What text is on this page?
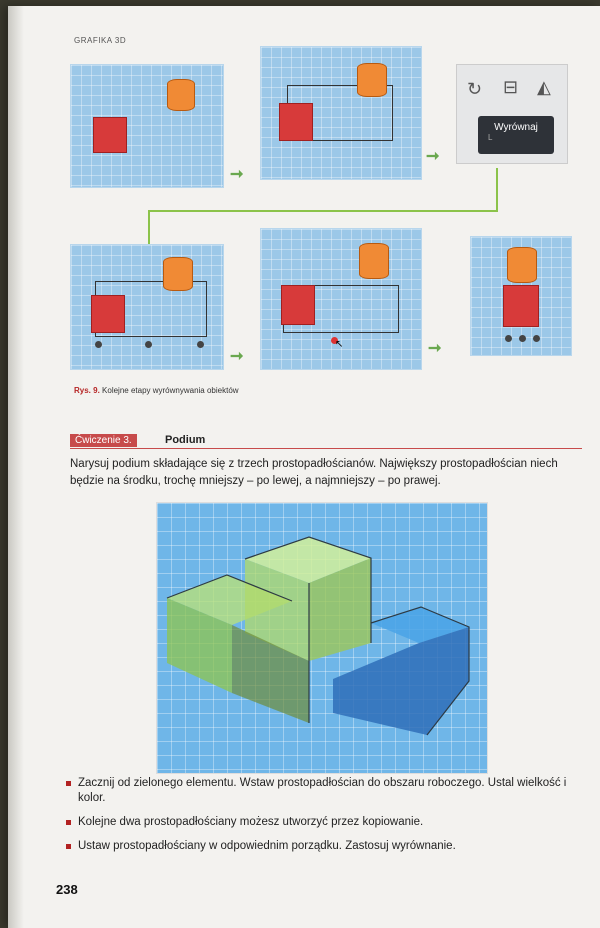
GRAFIKA 3D
➞
➞
↻ ⊟ ◭
Wyrównaj
L
➞
↖	➞
Rys. 9. Kolejne etapy wyrównywania obiektów
Ćwiczenie 3.	Podium
Narysuj podium składające się z trzech prostopadłościanów. Największy prostopadłościan niech będzie na środku, trochę mniejszy – po lewej, a najmniejszy – po prawej.
Zacznij od zielonego elementu. Wstaw prostopadłościan do obszaru roboczego. Ustal wielkość i kolor.
Kolejne dwa prostopadłościany możesz utworzyć przez kopiowanie.
Ustaw prostopadłościany w odpowiednim porządku. Zastosuj wyrównanie.
238
